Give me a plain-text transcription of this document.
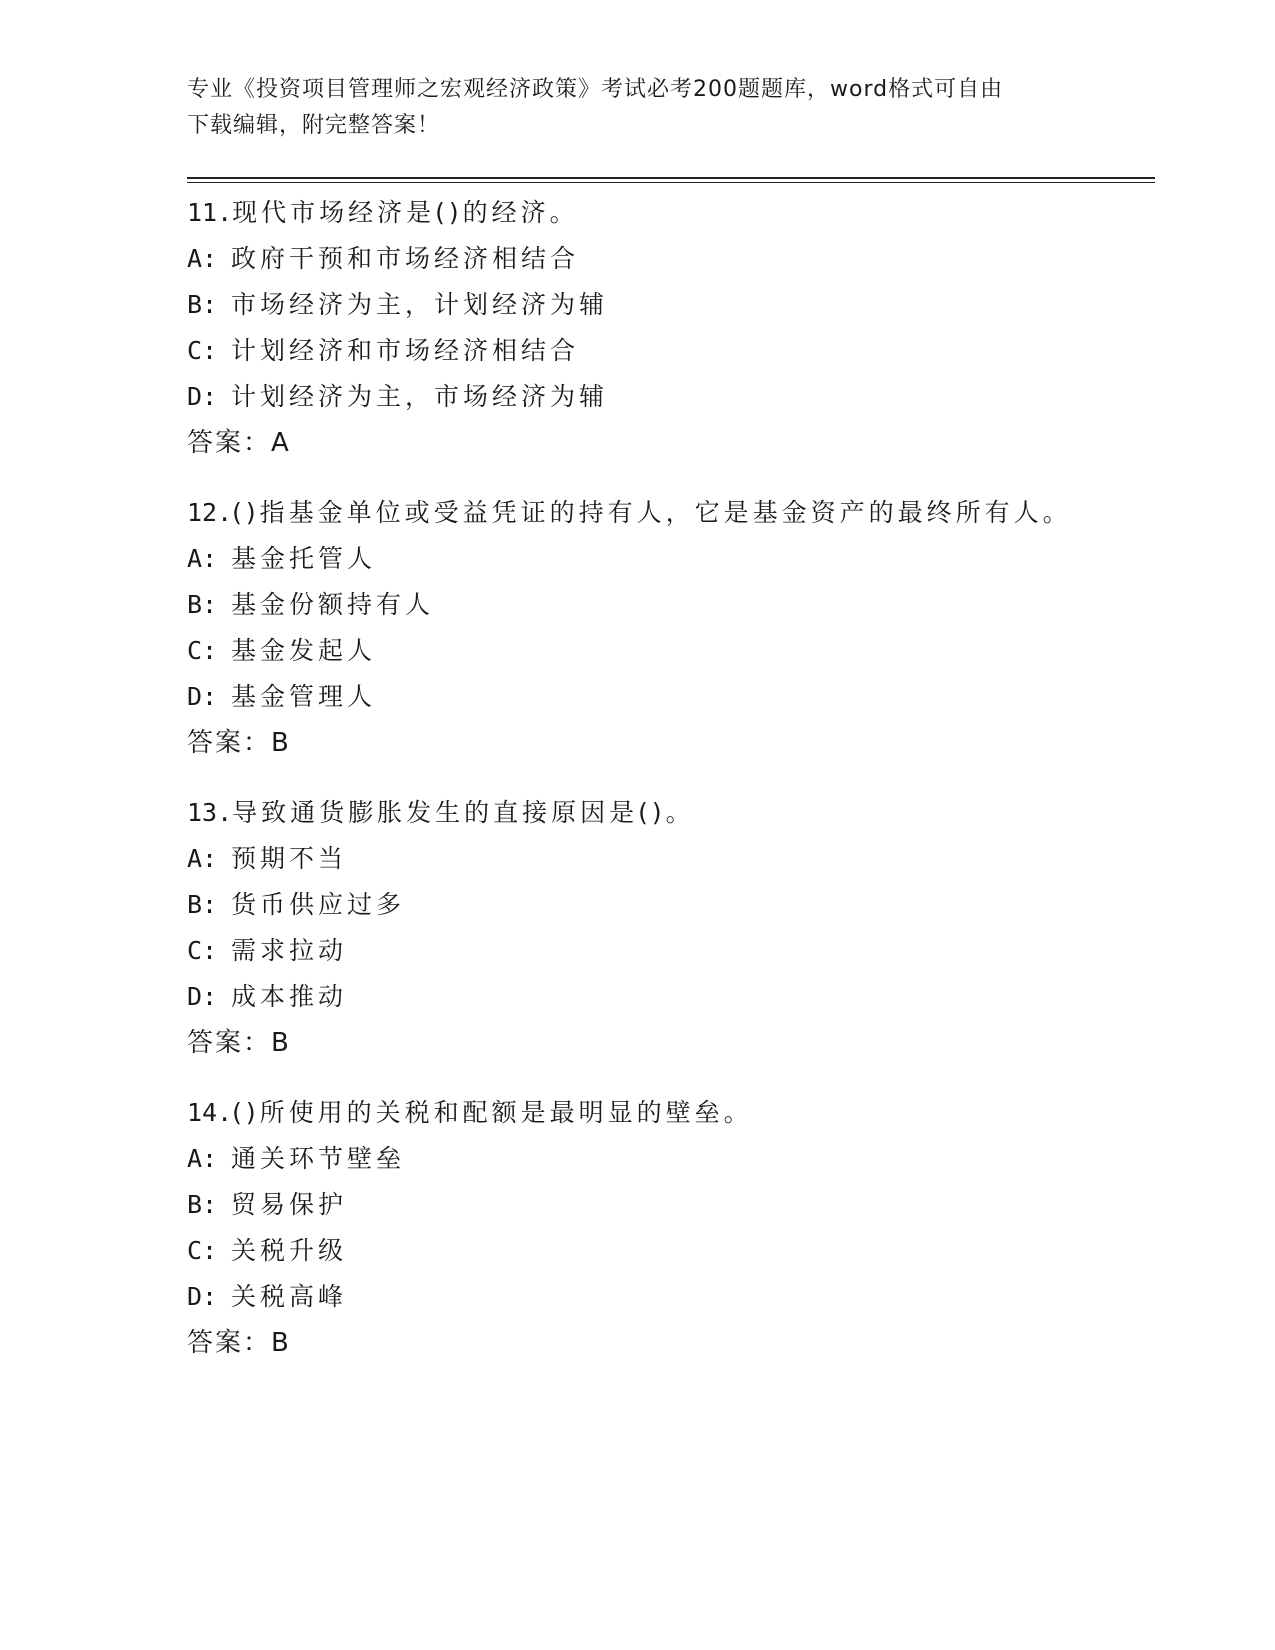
专业《投资项目管理师之宏观经济政策》考试必考200题题库，word格式可自由
下载编辑，附完整答案！
11.现代市场经济是()的经济。
A: 政府干预和市场经济相结合
B: 市场经济为主，计划经济为辅
C: 计划经济和市场经济相结合
D: 计划经济为主，市场经济为辅
答案：A
12.()指基金单位或受益凭证的持有人，它是基金资产的最终所有人。
A: 基金托管人
B: 基金份额持有人
C: 基金发起人
D: 基金管理人
答案：B
13.导致通货膨胀发生的直接原因是()。
A: 预期不当
B: 货币供应过多
C: 需求拉动
D: 成本推动
答案：B
14.()所使用的关税和配额是最明显的壁垒。
A: 通关环节壁垒
B: 贸易保护
C: 关税升级
D: 关税高峰
答案：B
